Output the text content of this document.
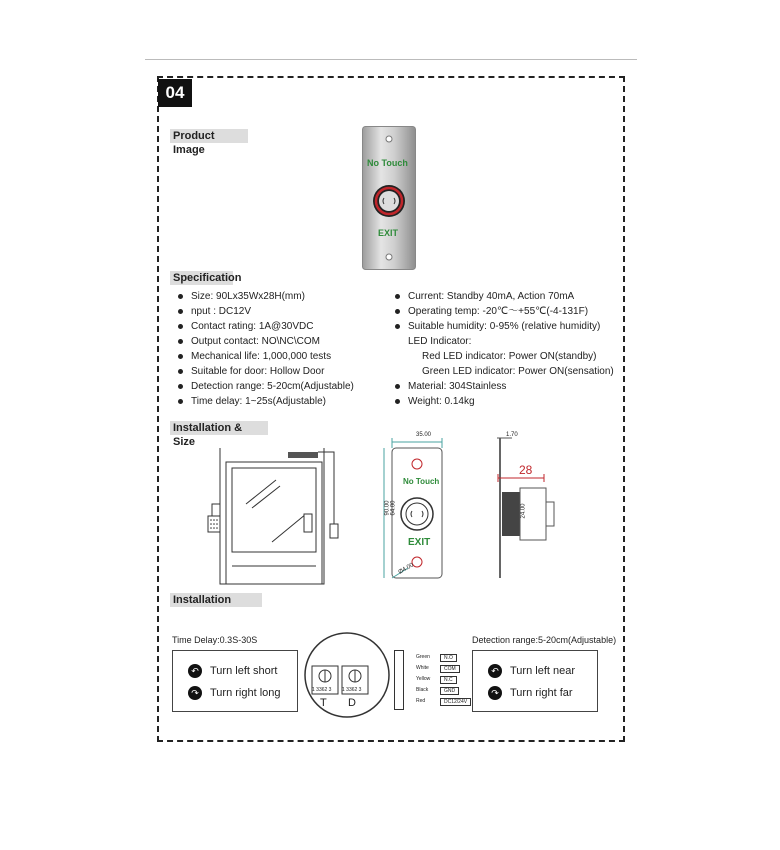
04
Product Image
No Touch
EXIT
Specification
Size: 90Lx35Wx28H(mm)
nput : DC12V
Contact rating: 1A@30VDC
Output contact: NO\NC\COM
Mechanical life: 1,000,000 tests
Suitable for door: Hollow Door
Detection range: 5-20cm(Adjustable)
Time delay: 1~25s(Adjustable)
Current: Standby 40mA, Action 70mA
Operating temp: -20℃～+55℃(-4-131F)
Suitable humidity: 0-95% (relative humidity)
LED Indicator:
Red LED indicator: Power ON(standby)
Green LED indicator: Power ON(sensation)
Material: 304Stainless
Weight: 0.14kg
Installation & Size
35.00
90.00 64.00
No Touch
EXIT
Ø4.00
1.70
28
24.00
Installation
Time Delay:0.3S-30S	Detection range:5-20cm(Adjustable)
↶ Turn left short
↷ Turn right long	1 3362 3 1 3362 3
T D
Green	N.O
White	COM
Yellow	N.C
Black	GND
Red	DC12/24V
↶ Turn left near
↷ Turn right far
